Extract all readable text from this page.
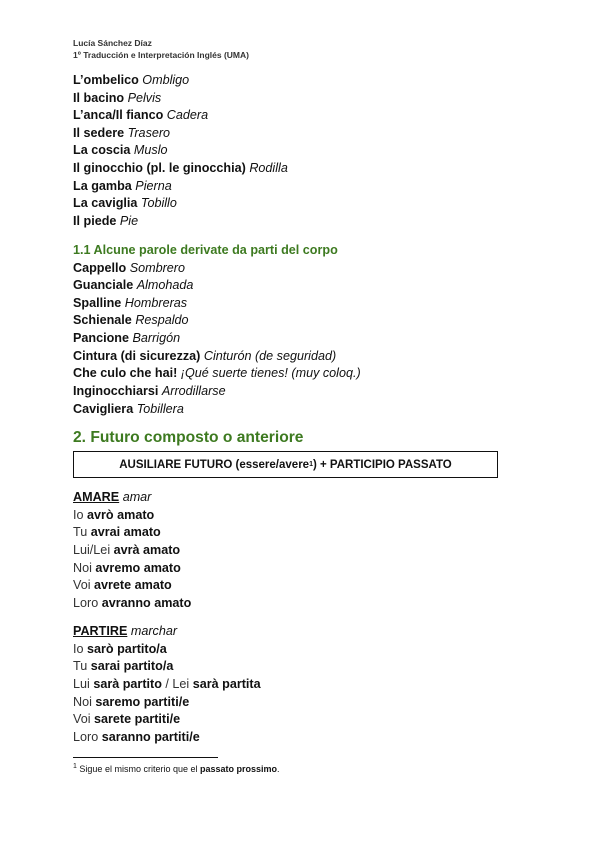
Lucía Sánchez Díaz
1º Traducción e Interpretación Inglés (UMA)
L’ombelico Ombligo
Il bacino Pelvis
L’anca/Il fianco Cadera
Il sedere Trasero
La coscia Muslo
Il ginocchio (pl. le ginocchia) Rodilla
La gamba Pierna
La caviglia Tobillo
Il piede Pie
1.1 Alcune parole derivate da parti del corpo
Cappello Sombrero
Guanciale Almohada
Spalline Hombreras
Schienale Respaldo
Pancione Barrigón
Cintura (di sicurezza) Cinturón (de seguridad)
Che culo che hai! ¡Qué suerte tienes! (muy coloq.)
Inginocchiarsi Arrodillarse
Cavigliera Tobillera
2. Futuro composto o anteriore
AUSILIARE FUTURO (essere/avere 1 ) + PARTICIPIO PASSATO
AMARE amar
Io avrò amato
Tu avrai amato
Lui/Lei avrà amato
Noi avremo amato
Voi avrete amato
Loro avranno amato
PARTIRE marchar
Io sarò partito/a
Tu sarai partito/a
Lui sarà partito / Lei sarà partita
Noi saremo partiti/e
Voi sarete partiti/e
Loro saranno partiti/e
$^1$ Sigue el mismo criterio que el passato prossimo.
